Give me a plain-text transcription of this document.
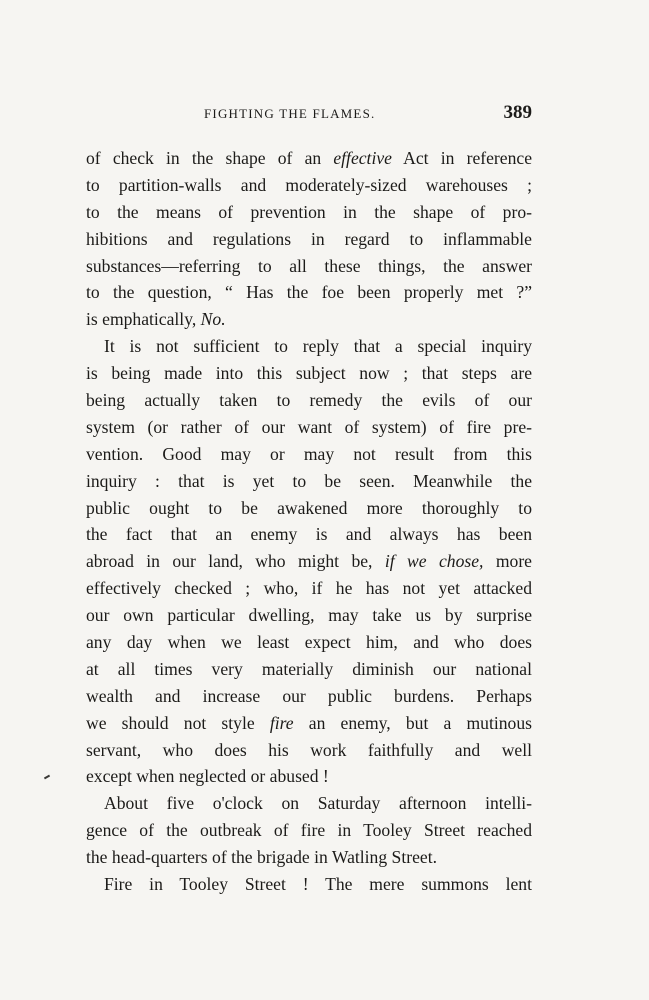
FIGHTING THE FLAMES.	389
of check in the shape of an effective Act in reference
to partition-walls and moderately-sized warehouses ;
to the means of prevention in the shape of pro-
hibitions and regulations in regard to inflammable
substances—referring to all these things, the answer
to the question, “ Has the foe been properly met ?”
is emphatically, No.
It is not sufficient to reply that a special inquiry
is being made into this subject now ; that steps are
being actually taken to remedy the evils of our
system (or rather of our want of system) of fire pre-
vention. Good may or may not result from this
inquiry : that is yet to be seen. Meanwhile the
public ought to be awakened more thoroughly to
the fact that an enemy is and always has been
abroad in our land, who might be, if we chose, more
effectively checked ; who, if he has not yet attacked
our own particular dwelling, may take us by surprise
any day when we least expect him, and who does
at all times very materially diminish our national
wealth and increase our public burdens. Perhaps
we should not style fire an enemy, but a mutinous
servant, who does his work faithfully and well
except when neglected or abused !
About five o'clock on Saturday afternoon intelli-
gence of the outbreak of fire in Tooley Street reached
the head-quarters of the brigade in Watling Street.
Fire in Tooley Street ! The mere summons lent
